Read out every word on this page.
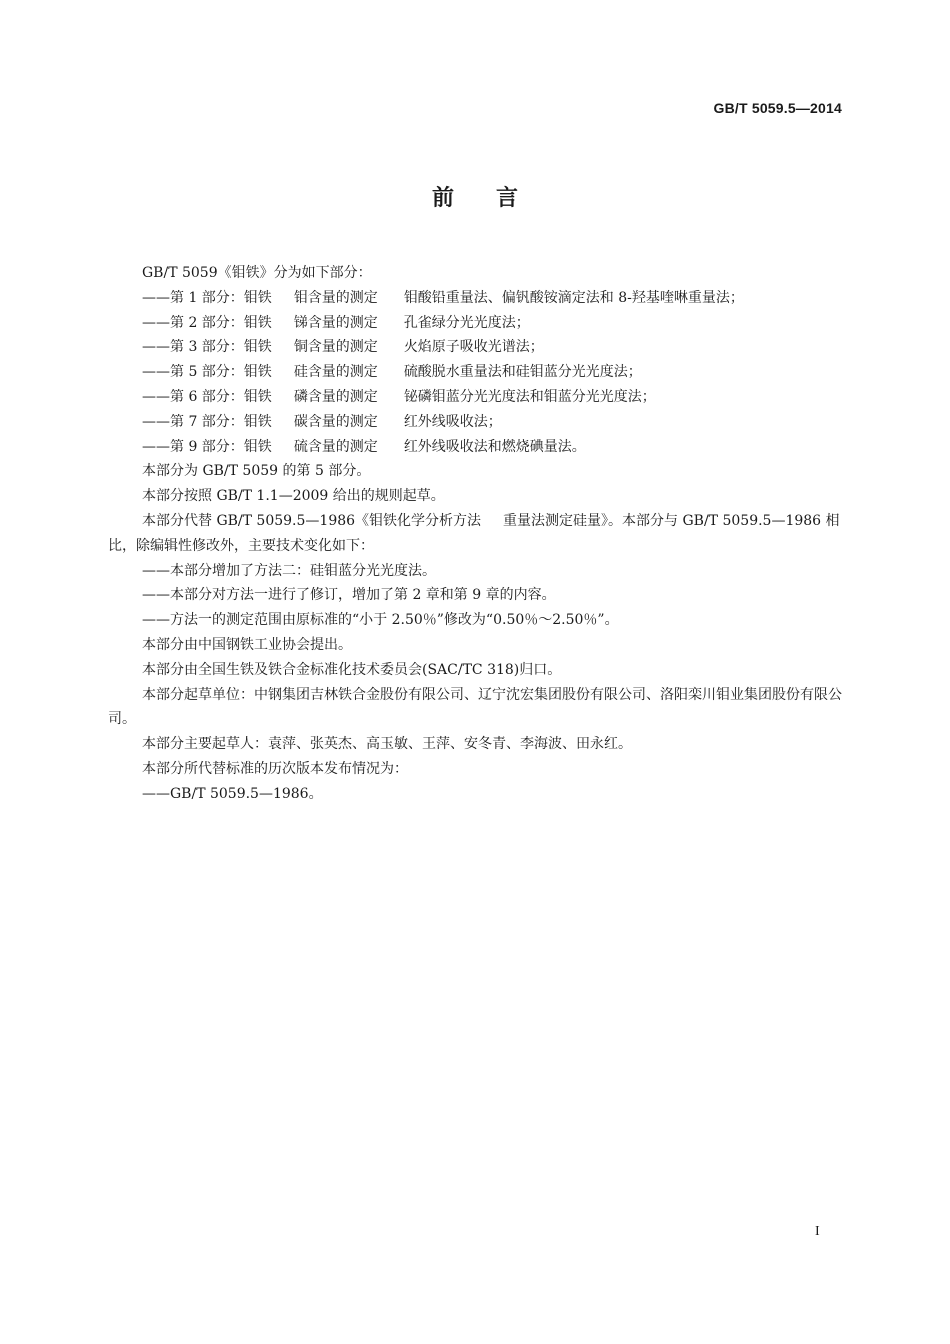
GB/T 5059.5—2014
前言

GB/T 5059《钼铁》分为如下部分：

——第 1 部分：钼铁 钼含量的测定 钼酸铅重量法、偏钒酸铵滴定法和 8-羟基喹啉重量法；

——第 2 部分：钼铁 锑含量的测定 孔雀绿分光光度法；

——第 3 部分：钼铁 铜含量的测定 火焰原子吸收光谱法；

——第 5 部分：钼铁 硅含量的测定 硫酸脱水重量法和硅钼蓝分光光度法；

——第 6 部分：钼铁 磷含量的测定 铋磷钼蓝分光光度法和钼蓝分光光度法；

——第 7 部分：钼铁 碳含量的测定 红外线吸收法；

——第 9 部分：钼铁 硫含量的测定 红外线吸收法和燃烧碘量法。

本部分为 GB/T 5059 的第 5 部分。

本部分按照 GB/T 1.1—2009 给出的规则起草。

本部分代替 GB/T 5059.5—1986《钼铁化学分析方法 重量法测定硅量》。本部分与 GB/T 5059.5—1986 相比，除编辑性修改外，主要技术变化如下：

——本部分增加了方法二：硅钼蓝分光光度法。

——本部分对方法一进行了修订，增加了第 2 章和第 9 章的内容。

——方法一的测定范围由原标准的“小于 2.50％”修改为“0.50％～2.50％”。

本部分由中国钢铁工业协会提出。

本部分由全国生铁及铁合金标准化技术委员会(SAC/TC 318)归口。

本部分起草单位：中钢集团吉林铁合金股份有限公司、辽宁沈宏集团股份有限公司、洛阳栾川钼业集团股份有限公司。

本部分主要起草人：袁萍、张英杰、高玉敏、王萍、安冬青、李海波、田永红。

本部分所代替标准的历次版本发布情况为：

——GB/T 5059.5—1986。

I
